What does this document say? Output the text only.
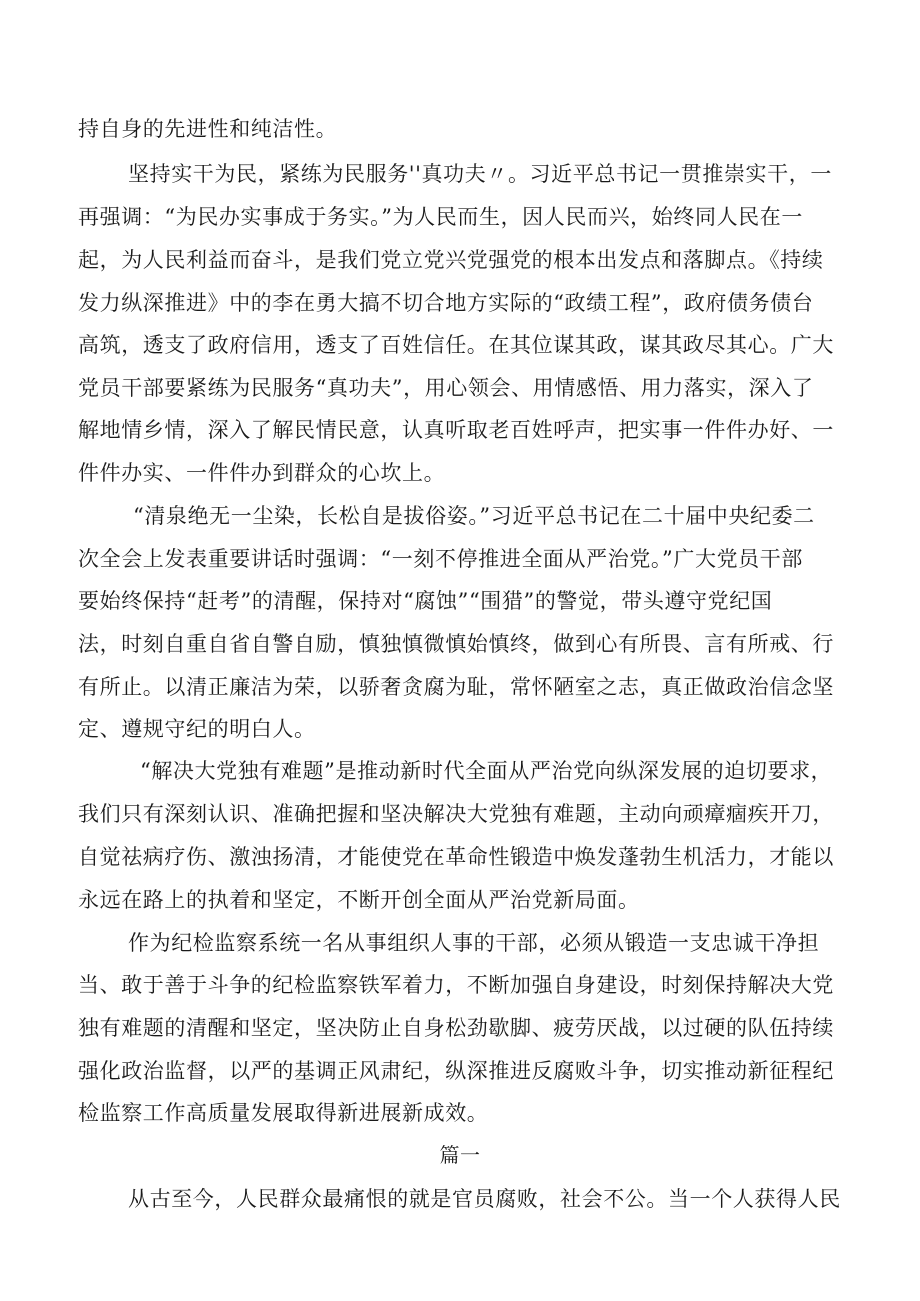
持自身的先进性和纯洁性。
坚持实干为民，紧练为民服务''真功夫〃。习近平总书记一贯推崇实干，一
再强调：“为民办实事成于务实。”为人民而生，因人民而兴，始终同人民在一
起，为人民利益而奋斗，是我们党立党兴党强党的根本出发点和落脚点。《持续
发力纵深推进》中的李在勇大搞不切合地方实际的“政绩工程”，政府债务债台
高筑，透支了政府信用，透支了百姓信任。在其位谋其政，谋其政尽其心。广大
党员干部要紧练为民服务“真功夫”，用心领会、用情感悟、用力落实，深入了
解地情乡情，深入了解民情民意，认真听取老百姓呼声，把实事一件件办好、一
件件办实、一件件办到群众的心坎上。
“清泉绝无一尘染，长松自是拔俗姿。”习近平总书记在二十届中央纪委二
次全会上发表重要讲话时强调：“一刻不停推进全面从严治党。”广大党员干部
要始终保持“赶考”的清醒，保持对“腐蚀”“围猎”的警觉，带头遵守党纪国
法，时刻自重自省自警自励，慎独慎微慎始慎终，做到心有所畏、言有所戒、行
有所止。以清正廉洁为荣，以骄奢贪腐为耻，常怀陋室之志，真正做政治信念坚
定、遵规守纪的明白人。
“解决大党独有难题”是推动新时代全面从严治党向纵深发展的迫切要求，
我们只有深刻认识、准确把握和坚决解决大党独有难题，主动向顽瘴痼疾开刀，
自觉祛病疗伤、激浊扬清，才能使党在革命性锻造中焕发蓬勃生机活力，才能以
永远在路上的执着和坚定，不断开创全面从严治党新局面。
作为纪检监察系统一名从事组织人事的干部，必须从锻造一支忠诚干净担
当、敢于善于斗争的纪检监察铁军着力，不断加强自身建设，时刻保持解决大党
独有难题的清醒和坚定，坚决防止自身松劲歇脚、疲劳厌战，以过硬的队伍持续
强化政治监督，以严的基调正风肃纪，纵深推进反腐败斗争，切实推动新征程纪
检监察工作高质量发展取得新进展新成效。
篇一
从古至今，人民群众最痛恨的就是官员腐败，社会不公。当一个人获得人民
